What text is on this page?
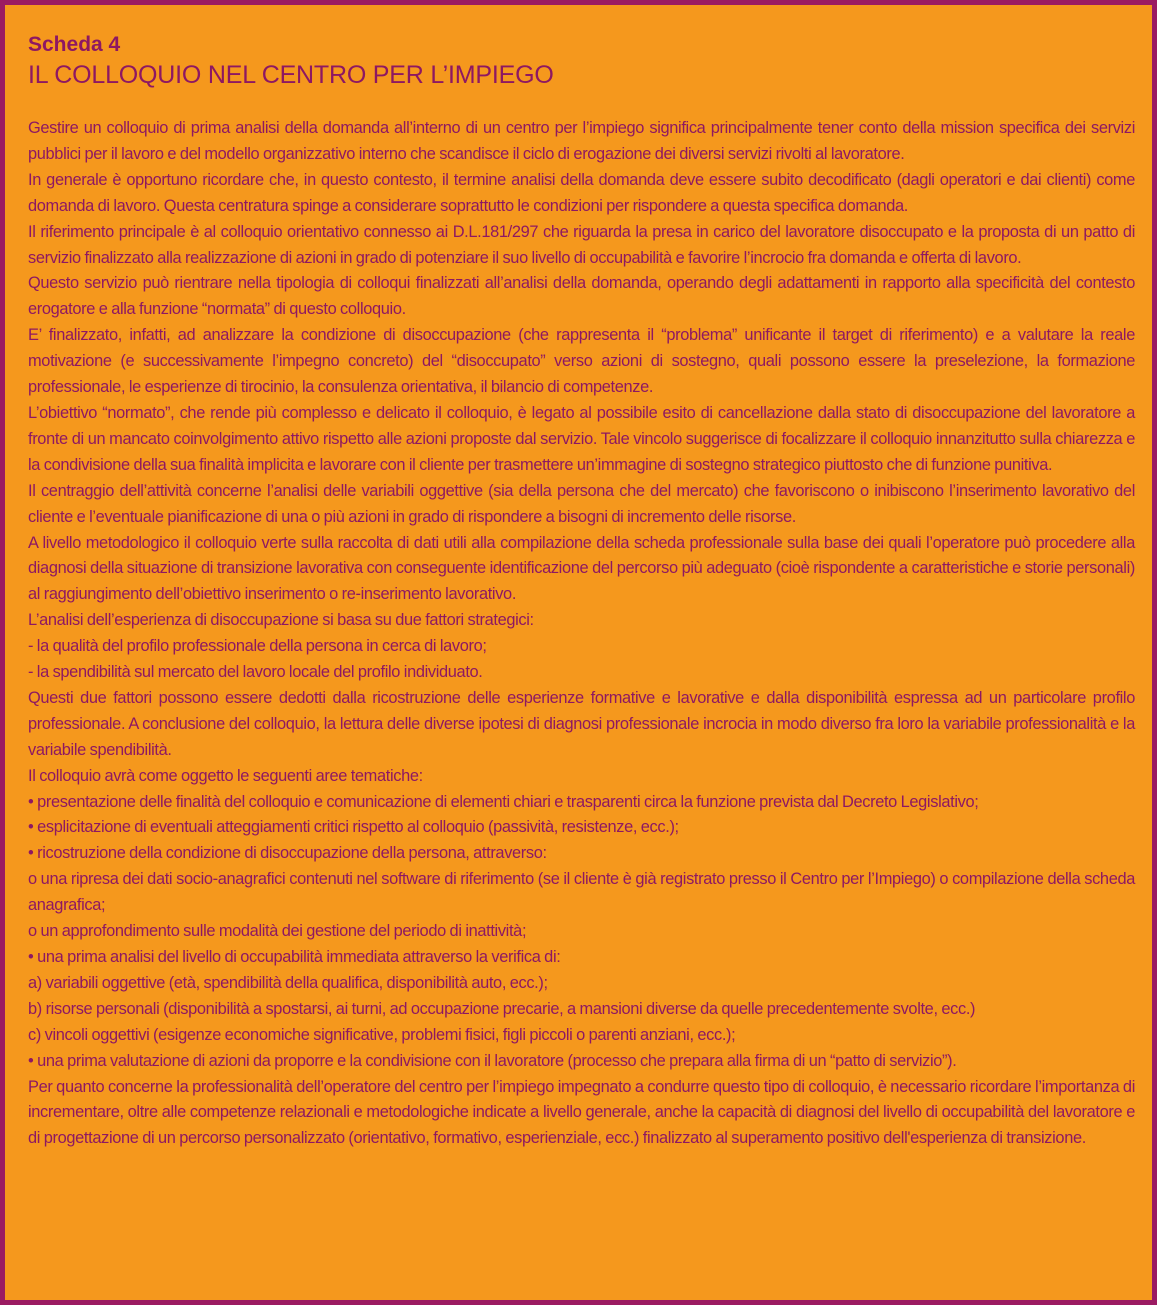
Scheda 4
IL COLLOQUIO NEL CENTRO PER L’IMPIEGO

Gestire un colloquio di prima analisi della domanda all’interno di un centro per l’impiego significa principalmente tener conto della mission specifica dei servizi pubblici per il lavoro e del modello organizzativo interno che scandisce il ciclo di erogazione dei diversi servizi rivolti al lavoratore.

In generale è opportuno ricordare che, in questo contesto, il termine analisi della domanda deve essere subito decodificato (dagli operatori e dai clienti) come domanda di lavoro. Questa centratura spinge a considerare soprattutto le condizioni per rispondere a questa specifica domanda.

Il riferimento principale è al colloquio orientativo connesso ai D.L.181/297 che riguarda la presa in carico del lavoratore disoccupato e la proposta di un patto di servizio finalizzato alla realizzazione di azioni in grado di potenziare il suo livello di occupabilità e favorire l’incrocio fra domanda e offerta di lavoro.

Questo servizio può rientrare nella tipologia di colloqui finalizzati all’analisi della domanda, operando degli adattamenti in rapporto alla specificità del contesto erogatore e alla funzione “normata” di questo colloquio.

E’ finalizzato, infatti, ad analizzare la condizione di disoccupazione (che rappresenta il “problema” unificante il target di riferimento) e a valutare la reale motivazione (e successivamente l’impegno concreto) del “disoccupato” verso azioni di sostegno, quali possono essere la preselezione, la formazione professionale, le esperienze di tirocinio, la consulenza orientativa, il bilancio di competenze.

L’obiettivo “normato”, che rende più complesso e delicato il colloquio, è legato al possibile esito di cancellazione dalla stato di disoccupazione del lavoratore a fronte di un mancato coinvolgimento attivo rispetto alle azioni proposte dal servizio. Tale vincolo suggerisce di focalizzare il colloquio innanzitutto sulla chiarezza e la condivisione della sua finalità implicita e lavorare con il cliente per trasmettere un’immagine di sostegno strategico piuttosto che di funzione punitiva.

Il centraggio dell’attività concerne l’analisi delle variabili oggettive (sia della persona che del mercato) che favoriscono o inibiscono l’inserimento lavorativo del cliente e l’eventuale pianificazione di una o più azioni in grado di rispondere a bisogni di incremento delle risorse.

A livello metodologico il colloquio verte sulla raccolta di dati utili alla compilazione della scheda professionale sulla base dei quali l’operatore può procedere alla diagnosi della situazione di transizione lavorativa con conseguente identificazione del percorso più adeguato (cioè rispondente a caratteristiche e storie personali) al raggiungimento dell’obiettivo inserimento o re-inserimento lavorativo.

L’analisi dell’esperienza di disoccupazione si basa su due fattori strategici:

- la qualità del profilo professionale della persona in cerca di lavoro;

- la spendibilità sul mercato del lavoro locale del profilo individuato.

Questi due fattori possono essere dedotti dalla ricostruzione delle esperienze formative e lavorative e dalla disponibilità espressa ad un particolare profilo professionale. A conclusione del colloquio, la lettura delle diverse ipotesi di diagnosi professionale incrocia in modo diverso fra loro la variabile professionalità e la variabile spendibilità.

Il colloquio avrà come oggetto le seguenti aree tematiche:

• presentazione delle finalità del colloquio e comunicazione di elementi chiari e trasparenti circa la funzione prevista dal Decreto Legislativo;

• esplicitazione di eventuali atteggiamenti critici rispetto al colloquio (passività, resistenze, ecc.);

• ricostruzione della condizione di disoccupazione della persona, attraverso:

o una ripresa dei dati socio-anagrafici contenuti nel software di riferimento (se il cliente è già registrato presso il Centro per l’Impiego) o compilazione della scheda anagrafica;

o un approfondimento sulle modalità dei gestione del periodo di inattività;

• una prima analisi del livello di occupabilità immediata attraverso la verifica di:

a) variabili oggettive (età, spendibilità della qualifica, disponibilità auto, ecc.);

b) risorse personali (disponibilità a spostarsi, ai turni, ad occupazione precarie, a mansioni diverse da quelle precedentemente svolte, ecc.)

c) vincoli oggettivi (esigenze economiche significative, problemi fisici, figli piccoli o parenti anziani, ecc.);

• una prima valutazione di azioni da proporre e la condivisione con il lavoratore (processo che prepara alla firma di un “patto di servizio”).

Per quanto concerne la professionalità dell’operatore del centro per l’impiego impegnato a condurre questo tipo di colloquio, è necessario ricordare l’importanza di incrementare, oltre alle competenze relazionali e metodologiche indicate a livello generale, anche la capacità di diagnosi del livello di occupabilità del lavoratore e di progettazione di un percorso personalizzato (orientativo, formativo, esperienziale, ecc.) finalizzato al superamento positivo dell'esperienza di transizione.
